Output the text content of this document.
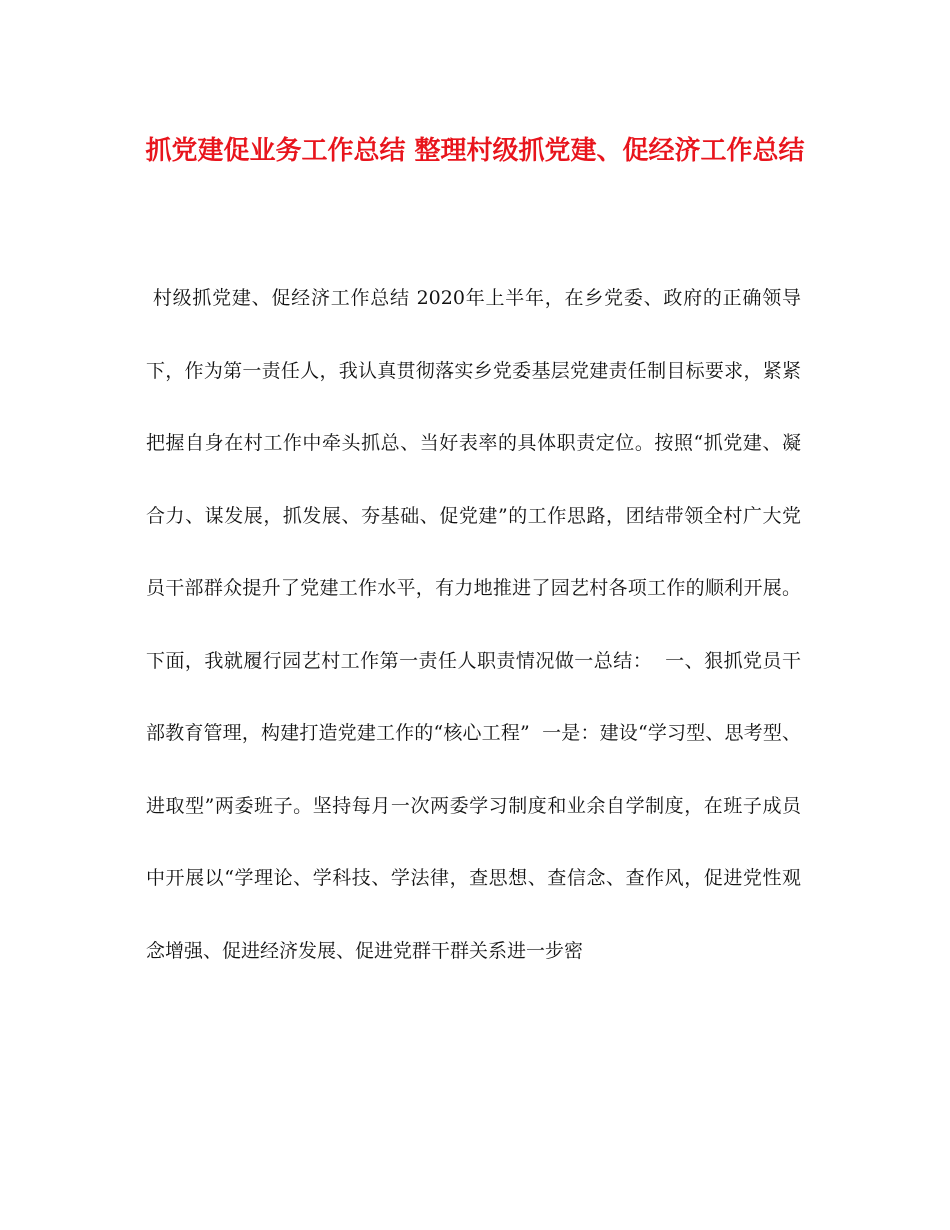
抓党建促业务工作总结 整理村级抓党建、促经济工作总结

村级抓党建、促经济工作总结 2020年上半年，在乡党委、政府的正确领导下，作为第一责任人，我认真贯彻落实乡党委基层党建责任制目标要求，紧紧把握自身在村工作中牵头抓总、当好表率的具体职责定位。按照“抓党建、凝合力、谋发展，抓发展、夯基础、促党建”的工作思路，团结带领全村广大党员干部群众提升了党建工作水平，有力地推进了园艺村各项工作的顺利开展。下面，我就履行园艺村工作第一责任人职责情况做一总结：  一、狠抓党员干部教育管理，构建打造党建工作的“核心工程”  一是：建设“学习型、思考型、进取型”两委班子。坚持每月一次两委学习制度和业余自学制度，在班子成员中开展以“学理论、学科技、学法律，查思想、查信念、查作风，促进党性观念增强、促进经济发展、促进党群干群关系进一步密
